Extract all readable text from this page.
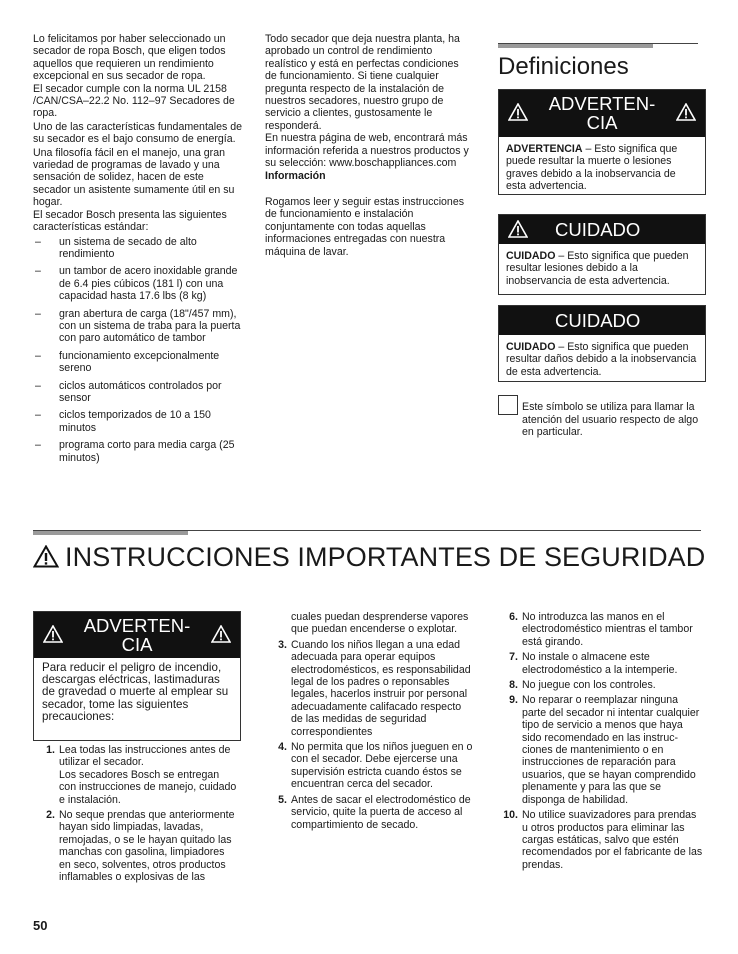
Lo felicitamos por haber seleccionado un secador de ropa Bosch, que eligen todos aquellos que requieren un rendimiento excepcional en sus secador de ropa.

El secador cumple con la norma UL 2158 /CAN/CSA–22.2 No. 112–97 Secadores de ropa.

Uno de las características fundamentales de su secador es el bajo consumo de energía.

Una filosofía fácil en el manejo, una gran variedad de programas de lavado y una sensación de solidez, hacen de este secador un asistente sumamente útil en su hogar.

El secador Bosch presenta las siguientes características estándar:

–	un sistema de secado de alto rendimiento
–	un tambor de acero inoxidable grande de 6.4 pies cúbicos (181 l) con una capacidad hasta 17.6 lbs (8 kg)
–	gran abertura de carga (18"/457 mm), con un sistema de traba para la puerta con paro automático de tambor
–	funcionamiento excepcionalmente sereno
–	ciclos automáticos controlados por sensor
–	ciclos temporizados de 10 a 150 minutos
–	programa corto para media carga (25 minutos)

Todo secador que deja nuestra planta, ha aprobado un control de rendimiento realístico y está en perfectas condiciones de funcionamiento. Si tiene cualquier pregunta respecto de la instalación de nuestros secadores, nuestro grupo de servicio a clientes, gustosamente le responderá.

En nuestra página de web, encontrará más información referida a nuestros productos y su selección: www.boschappliances.com

Información

Rogamos leer y seguir estas instrucciones de funcionamiento e instalación conjuntamente con todas aquellas informaciones entregadas con nuestra máquina de lavar.

Definiciones
ADVERTEN-
CIA
ADVERTENCIA – Esto significa que puede resultar la muerte o lesiones graves debido a la inobservancia de esta advertencia.
CUIDADO
CUIDADO – Esto significa que pueden resultar lesiones debido a la inobservancia de esta advertencia.
CUIDADO
CUIDADO – Esto significa que pueden resultar daños debido a la inobservancia de esta advertencia.

Este símbolo se utiliza para llamar la atención del usuario respecto de algo en particular.

INSTRUCCIONES IMPORTANTES DE SEGURIDAD
ADVERTEN-
CIA
Para reducir el peligro de incendio, descargas eléctricas, lastimaduras de gravedad o muerte al emplear su secador, tome las siguientes precauciones:
1. Lea todas las instrucciones antes de utilizar el secador.
Los secadores Bosch se entregan con instrucciones de manejo, cuidado e instalación.
2. No seque prendas que anteriormente hayan sido limpiadas, lavadas, remojadas, o se le hayan quitado las manchas con gasolina, limpiadores en seco, solventes, otros productos inflamables o explosivas de las
cuales puedan desprenderse vapores que puedan encenderse o explotar.
3. Cuando los niños llegan a una edad adecuada para operar equipos electrodomésticos, es responsabilidad legal de los padres o reponsables legales, hacerlos instruir por personal adecuadamente califacado respecto de las medidas de seguridad correspondientes
4. No permita que los niños jueguen en o con el secador. Debe ejercerse una supervisión estricta cuando éstos se encuentran cerca del secador.
5. Antes de sacar el electrodoméstico de servicio, quite la puerta de acceso al compartimiento de secado.
6. No introduzca las manos en el electrodoméstico mientras el tambor está girando.
7. No instale o almacene este electrodoméstico a la intemperie.
8. No juegue con los controles.
9. No reparar o reemplazar ninguna parte del secador ni intentar cualquier tipo de servicio a menos que haya sido recomendado en las instruc- ciones de mantenimiento o en instrucciones de reparación para usuarios, que se hayan comprendido plenamente y para las que se disponga de habilidad.
10. No utilice suavizadores para prendas u otros productos para eliminar las cargas estáticas, salvo que estén recomendados por el fabricante de las prendas.
50
